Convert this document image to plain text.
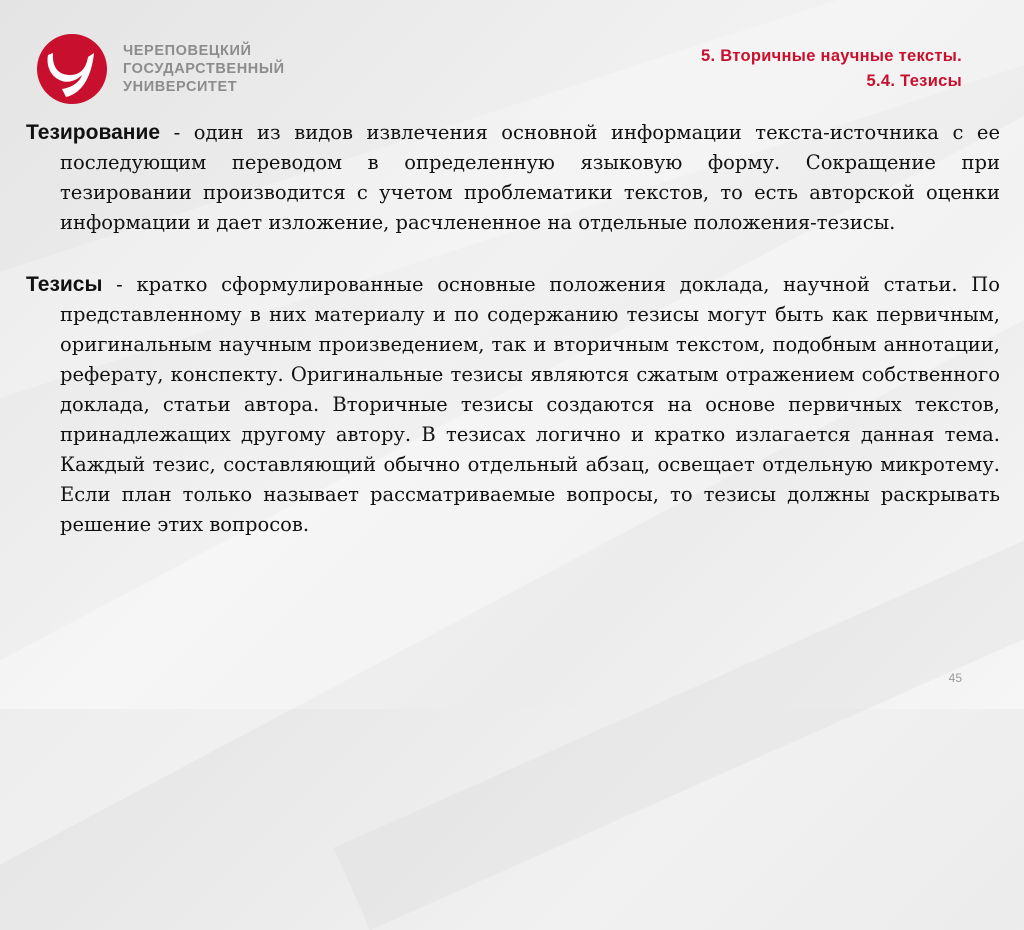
ЧЕРЕПОВЕЦКИЙ
ГОСУДАРСТВЕННЫЙ
УНИВЕРСИТЕТ
5. Вторичные научные тексты.
5.4. Тезисы

Тезирование - один из видов извлечения основной информации текста-источника с ее последующим переводом в определенную языковую форму. Сокращение при тезировании производится с учетом проблематики текстов, то есть авторской оценки информации и дает изложение, расчлененное на отдельные положения-тезисы.

Тезисы - кратко сформулированные основные положения доклада, научной статьи. По представленному в них материалу и по содержанию тезисы могут быть как первичным, оригинальным научным произведением, так и вторичным текстом, подобным аннотации, реферату, конспекту. Оригинальные тезисы являются сжатым отражением собственного доклада, статьи автора. Вторичные тезисы создаются на основе первичных текстов, принадлежащих другому автору. В тезисах логично и кратко излагается данная тема. Каждый тезис, составляющий обычно отдельный абзац, освещает отдельную микротему. Если план только называет рассматриваемые вопросы, то тезисы должны раскрывать решение этих вопросов.

45
